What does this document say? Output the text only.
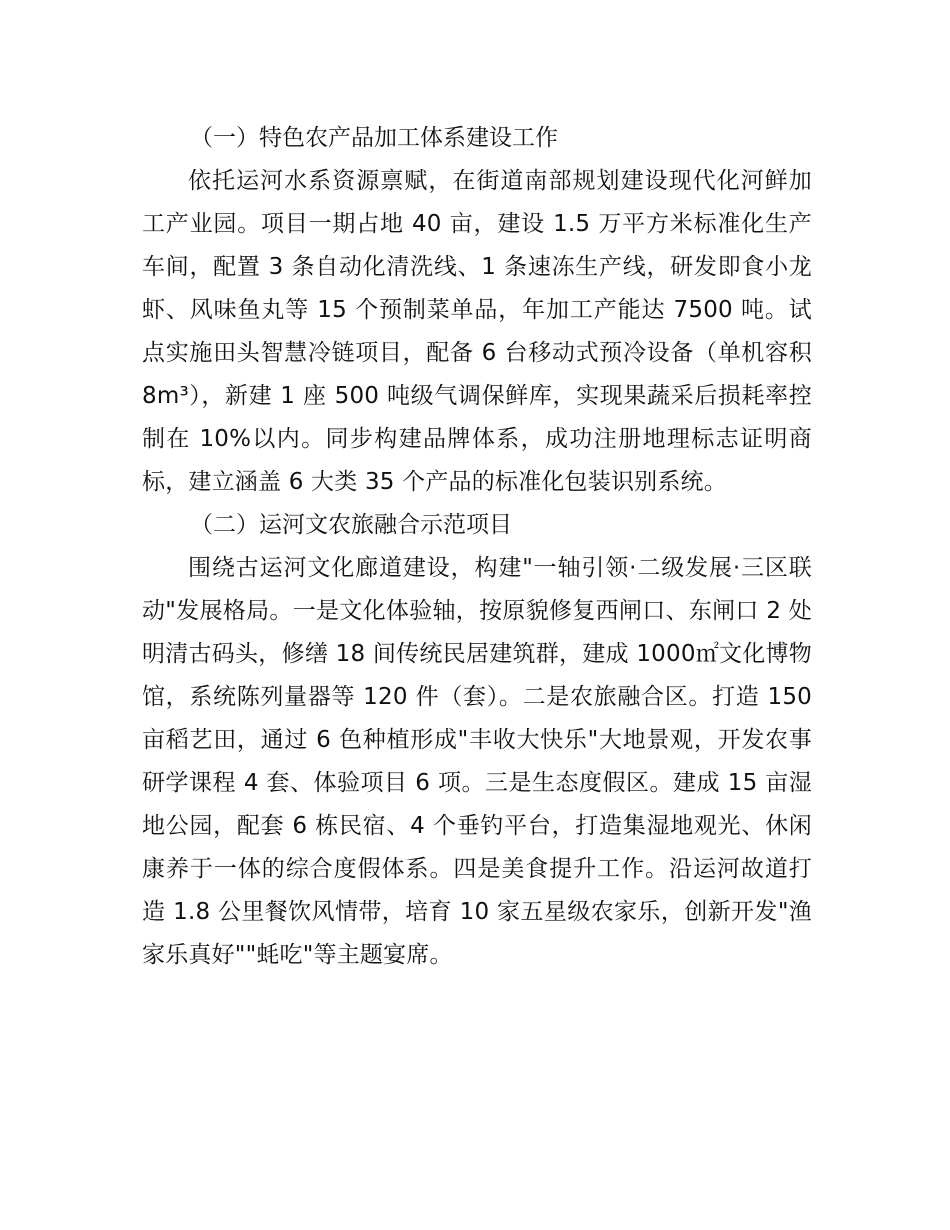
（一）特色农产品加工体系建设工作

依托运河水系资源禀赋，在街道南部规划建设现代化河鲜加工产业园。项目一期占地 40 亩，建设 1.5 万平方米标准化生产车间，配置 3 条自动化清洗线、1 条速冻生产线，研发即食小龙虾、风味鱼丸等 15 个预制菜单品，年加工产能达 7500 吨。试点实施田头智慧冷链项目，配备 6 台移动式预冷设备（单机容积 8m³），新建 1 座 500 吨级气调保鲜库，实现果蔬采后损耗率控制在 10%以内。同步构建品牌体系，成功注册地理标志证明商标，建立涵盖 6 大类 35 个产品的标准化包装识别系统。

（二）运河文农旅融合示范项目

围绕古运河文化廊道建设，构建"一轴引领·二级发展·三区联动"发展格局。一是文化体验轴，按原貌修复西闸口、东闸口 2 处明清古码头，修缮 18 间传统民居建筑群，建成 1000㎡文化博物馆，系统陈列量器等 120 件（套）。二是农旅融合区。打造 150 亩稻艺田，通过 6 色种植形成"丰收大快乐"大地景观，开发农事研学课程 4 套、体验项目 6 项。三是生态度假区。建成 15 亩湿地公园，配套 6 栋民宿、4 个垂钓平台，打造集湿地观光、休闲康养于一体的综合度假体系。四是美食提升工作。沿运河故道打造 1.8 公里餐饮风情带，培育 10 家五星级农家乐，创新开发"渔家乐真好""蚝吃"等主题宴席。
